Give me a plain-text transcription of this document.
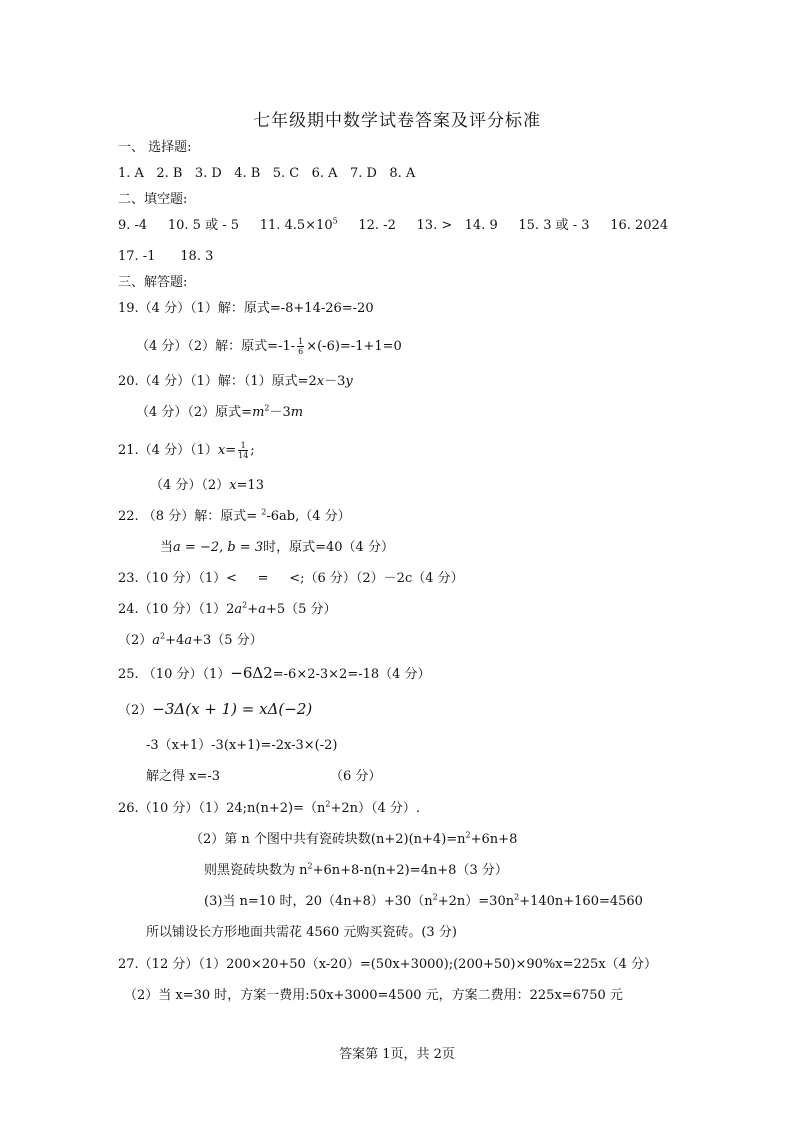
七年级期中数学试卷答案及评分标准
一、 选择题:
1. A 2. B 3. D 4. B 5. C 6. A 7. D 8. A
二、填空题:
9. -4 10. 5 或 - 5 11. $4.5\times 10^5$ 12. -2 13. > 14. 9 15. 3 或 - 3 16. 2024
17. -1 18. 3
三、解答题:
19.（4 分）（1）解：原式=-8+14-26=-20
（4 分）（2）解：原式$=-1- \frac{1}{6} \times(-6)=-1+1=0$
20.（4 分）（1）解：（1）原式=2x－3y
（4 分）（2）原式$=m^2-3m$
21.（4 分）$(1)x= \frac{1}{14}$ ;
（4 分）（2）x=13
22. （8 分）解：原式= $^2$-6ab,（4 分）
当a = −2, b = 3时，原式=40（4 分）
23.（10 分）（1）<     =     <;（6 分）（2）－2c（4 分）
24.（10 分）$(1)2a^2+a+5(5$ 分）
$(2)a^2+4a+3(5$ 分）
25. （10 分）（1）−6Δ2=-6×2-3×2=-18（4 分）
（2）−3Δ(x + 1) = xΔ(−2)
-3（x+1）-3(x+1)=-2x-3×(-2)
解之得 x=-3	（6 分）
26.（10 分）$(1)24;n(n+2)=(n^2+2n)(4$ 分）.
（2）第 n 个图中共有瓷砖块数$(n+2)(n+4)=n^2+6n+8$
则黑瓷砖块数为 $n^2+6n+8-n(n+2)=4n+8(3$ 分）
(3)当 n=10 时，$20(4n+8)+30(n^2+2n)=30n^2+140n+160=4560$
所以铺设长方形地面共需花 4560 元购买瓷砖。(3 分)
27.（12 分）（1）200×20+50（x-20）=(50x+3000);(200+50)×90%x=225x（4 分）
（2）当 x=30 时，方案一费用:50x+3000=4500 元，方案二费用：225x=6750 元
答案第 1页，共 2页
